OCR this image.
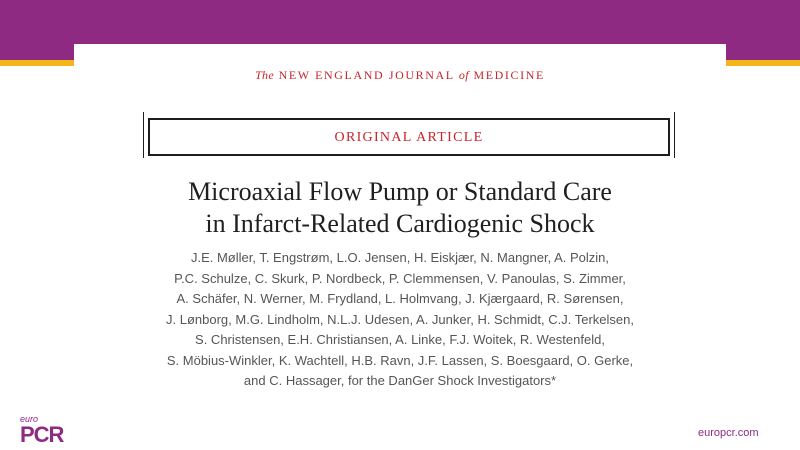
The NEW ENGLAND JOURNAL of MEDICINE
ORIGINAL ARTICLE
Microaxial Flow Pump or Standard Care
in Infarct-Related Cardiogenic Shock
J.E. Møller, T. Engstrøm, L.O. Jensen, H. Eiskjær, N. Mangner, A. Polzin,
P.C. Schulze, C. Skurk, P. Nordbeck, P. Clemmensen, V. Panoulas, S. Zimmer,
A. Schäfer, N. Werner, M. Frydland, L. Holmvang, J. Kjærgaard, R. Sørensen,
J. Lønborg, M.G. Lindholm, N.L.J. Udesen, A. Junker, H. Schmidt, C.J. Terkelsen,
S. Christensen, E.H. Christiansen, A. Linke, F.J. Woitek, R. Westenfeld,
S. Möbius-Winkler, K. Wachtell, H.B. Ravn, J.F. Lassen, S. Boesgaard, O. Gerke,
and C. Hassager, for the DanGer Shock Investigators*
euro
PCR	europcr.com
